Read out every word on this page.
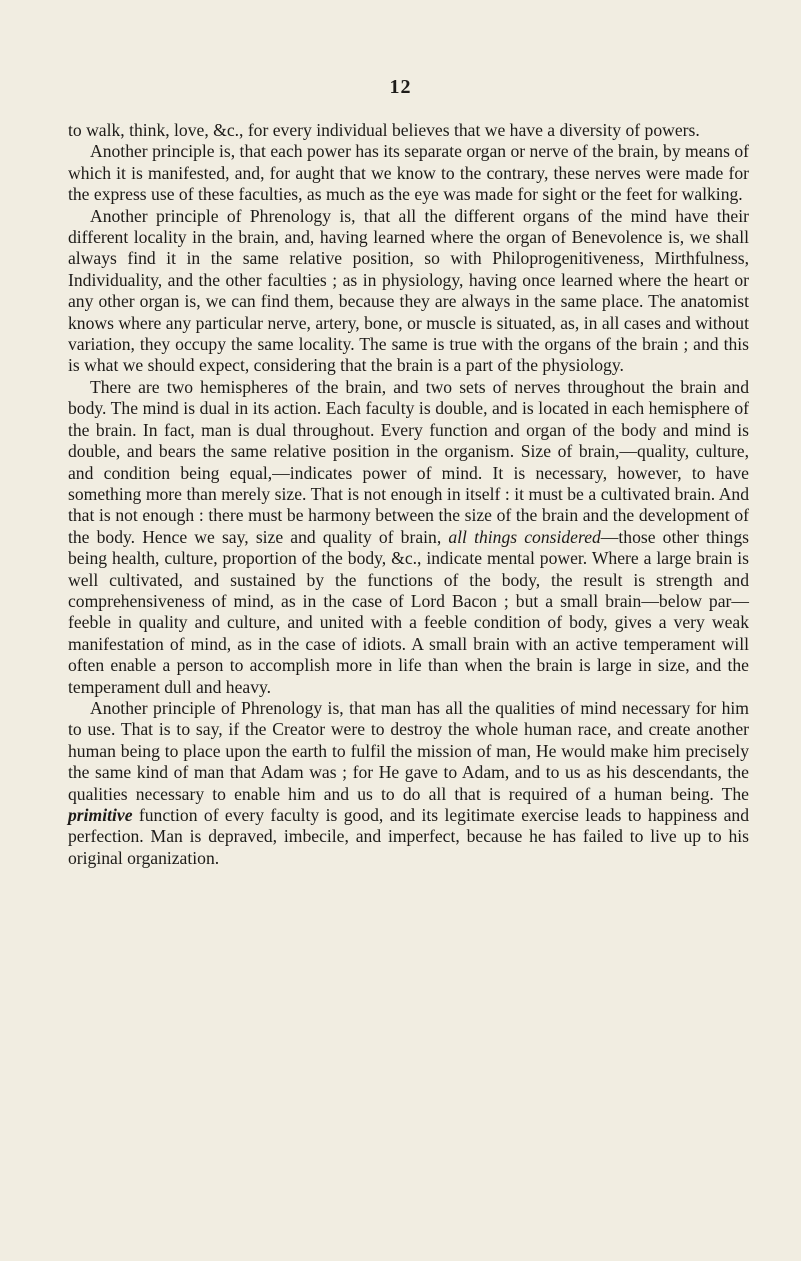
12

to walk, think, love, &c., for every individual believes that we have a diversity of powers.

Another principle is, that each power has its separate organ or nerve of the brain, by means of which it is manifested, and, for aught that we know to the contrary, these nerves were made for the express use of these faculties, as much as the eye was made for sight or the feet for walking.

Another principle of Phrenology is, that all the different organs of the mind have their different locality in the brain, and, having learned where the organ of Benevolence is, we shall always find it in the same relative position, so with Philoprogenitiveness, Mirthfulness, Individuality, and the other faculties ; as in physiology, having once learned where the heart or any other organ is, we can find them, because they are always in the same place. The anatomist knows where any particular nerve, artery, bone, or muscle is situated, as, in all cases and without variation, they occupy the same locality. The same is true with the organs of the brain ; and this is what we should expect, considering that the brain is a part of the physiology.

There are two hemispheres of the brain, and two sets of nerves throughout the brain and body. The mind is dual in its action. Each faculty is double, and is located in each hemisphere of the brain. In fact, man is dual throughout. Every function and organ of the body and mind is double, and bears the same relative position in the organism. Size of brain,—quality, culture, and condition being equal,—indicates power of mind. It is necessary, however, to have something more than merely size. That is not enough in itself : it must be a cultivated brain. And that is not enough : there must be harmony between the size of the brain and the development of the body. Hence we say, size and quality of brain, all things considered—those other things being health, culture, proportion of the body, &c., indicate mental power. Where a large brain is well cultivated, and sustained by the functions of the body, the result is strength and comprehensiveness of mind, as in the case of Lord Bacon ; but a small brain—below par—feeble in quality and culture, and united with a feeble condition of body, gives a very weak manifestation of mind, as in the case of idiots. A small brain with an active temperament will often enable a person to accomplish more in life than when the brain is large in size, and the temperament dull and heavy.

Another principle of Phrenology is, that man has all the qualities of mind necessary for him to use. That is to say, if the Creator were to destroy the whole human race, and create another human being to place upon the earth to fulfil the mission of man, He would make him precisely the same kind of man that Adam was ; for He gave to Adam, and to us as his descendants, the qualities necessary to enable him and us to do all that is required of a human being. The primitive function of every faculty is good, and its legitimate exercise leads to happiness and perfection. Man is depraved, imbecile, and imperfect, because he has failed to live up to his original organization.
